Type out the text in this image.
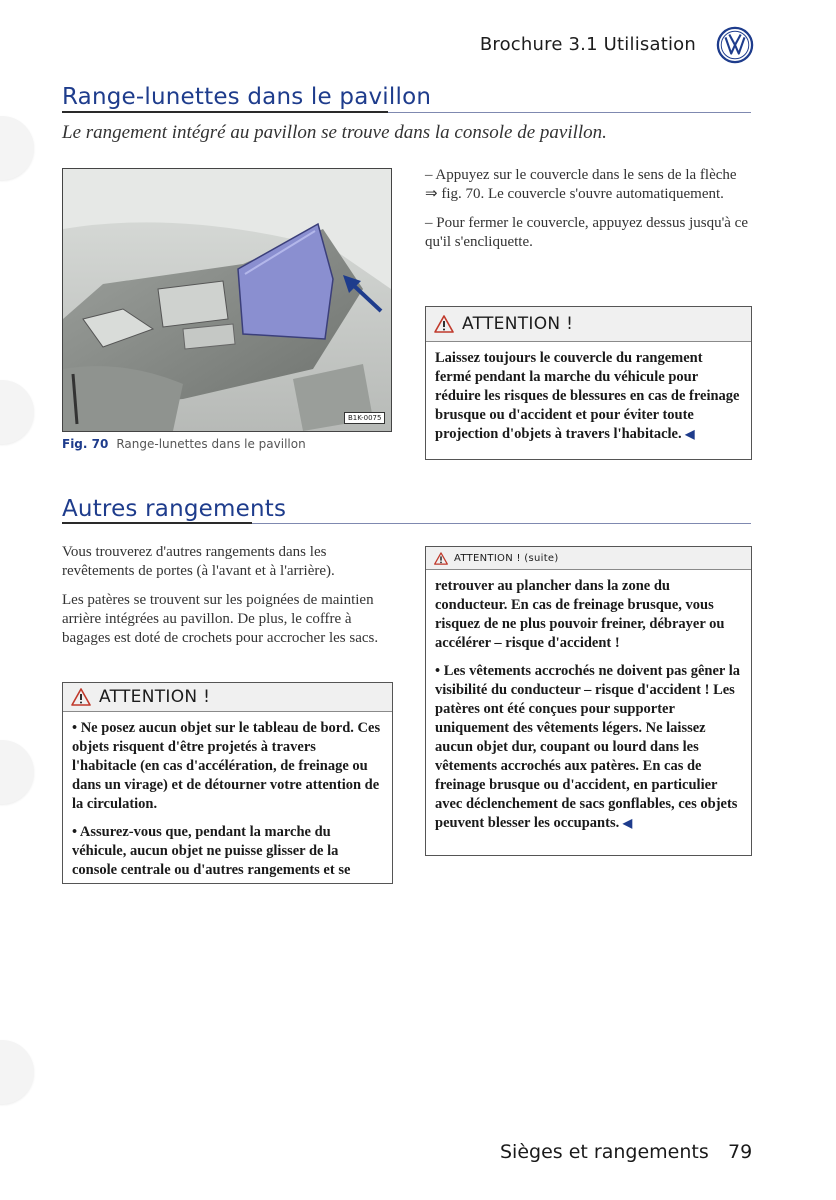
Brochure 3.1 Utilisation
Range-lunettes dans le pavillon
Le rangement intégré au pavillon se trouve dans la console de pavillon.
B1K-0075
Fig. 70 Range-lunettes dans le pavillon

– Appuyez sur le couvercle dans le sens de la flèche ⇒ fig. 70. Le couvercle s'ouvre automatiquement.

– Pour fermer le couvercle, appuyez dessus jusqu'à ce qu'il s'encliquette.

ATTENTION !
Laissez toujours le couvercle du rangement fermé pendant la marche du véhicule pour réduire les risques de blessures en cas de freinage brusque ou d'accident et pour éviter toute projection d'objets à travers l'habitacle. ◀
Autres rangements

Vous trouverez d'autres rangements dans les revêtements de portes (à l'avant et à l'arrière).

Les patères se trouvent sur les poignées de maintien arrière intégrées au pavillon. De plus, le coffre à bagages est doté de crochets pour accrocher les sacs.

ATTENTION !

• Ne posez aucun objet sur le tableau de bord. Ces objets risquent d'être projetés à travers l'habitacle (en cas d'accélération, de freinage ou dans un virage) et de détourner votre attention de la circulation.

• Assurez-vous que, pendant la marche du véhicule, aucun objet ne puisse glisser de la console centrale ou d'autres rangements et se

ATTENTION ! (suite)

retrouver au plancher dans la zone du conducteur. En cas de freinage brusque, vous risquez de ne plus pouvoir freiner, débrayer ou accélérer – risque d'accident !

• Les vêtements accrochés ne doivent pas gêner la visibilité du conducteur – risque d'accident ! Les patères ont été conçues pour supporter uniquement des vêtements légers. Ne laissez aucun objet dur, coupant ou lourd dans les vêtements accrochés aux patères. En cas de freinage brusque ou d'accident, en particulier avec déclenchement de sacs gonflables, ces objets peuvent blesser les occupants. ◀

Sièges et rangements 79
